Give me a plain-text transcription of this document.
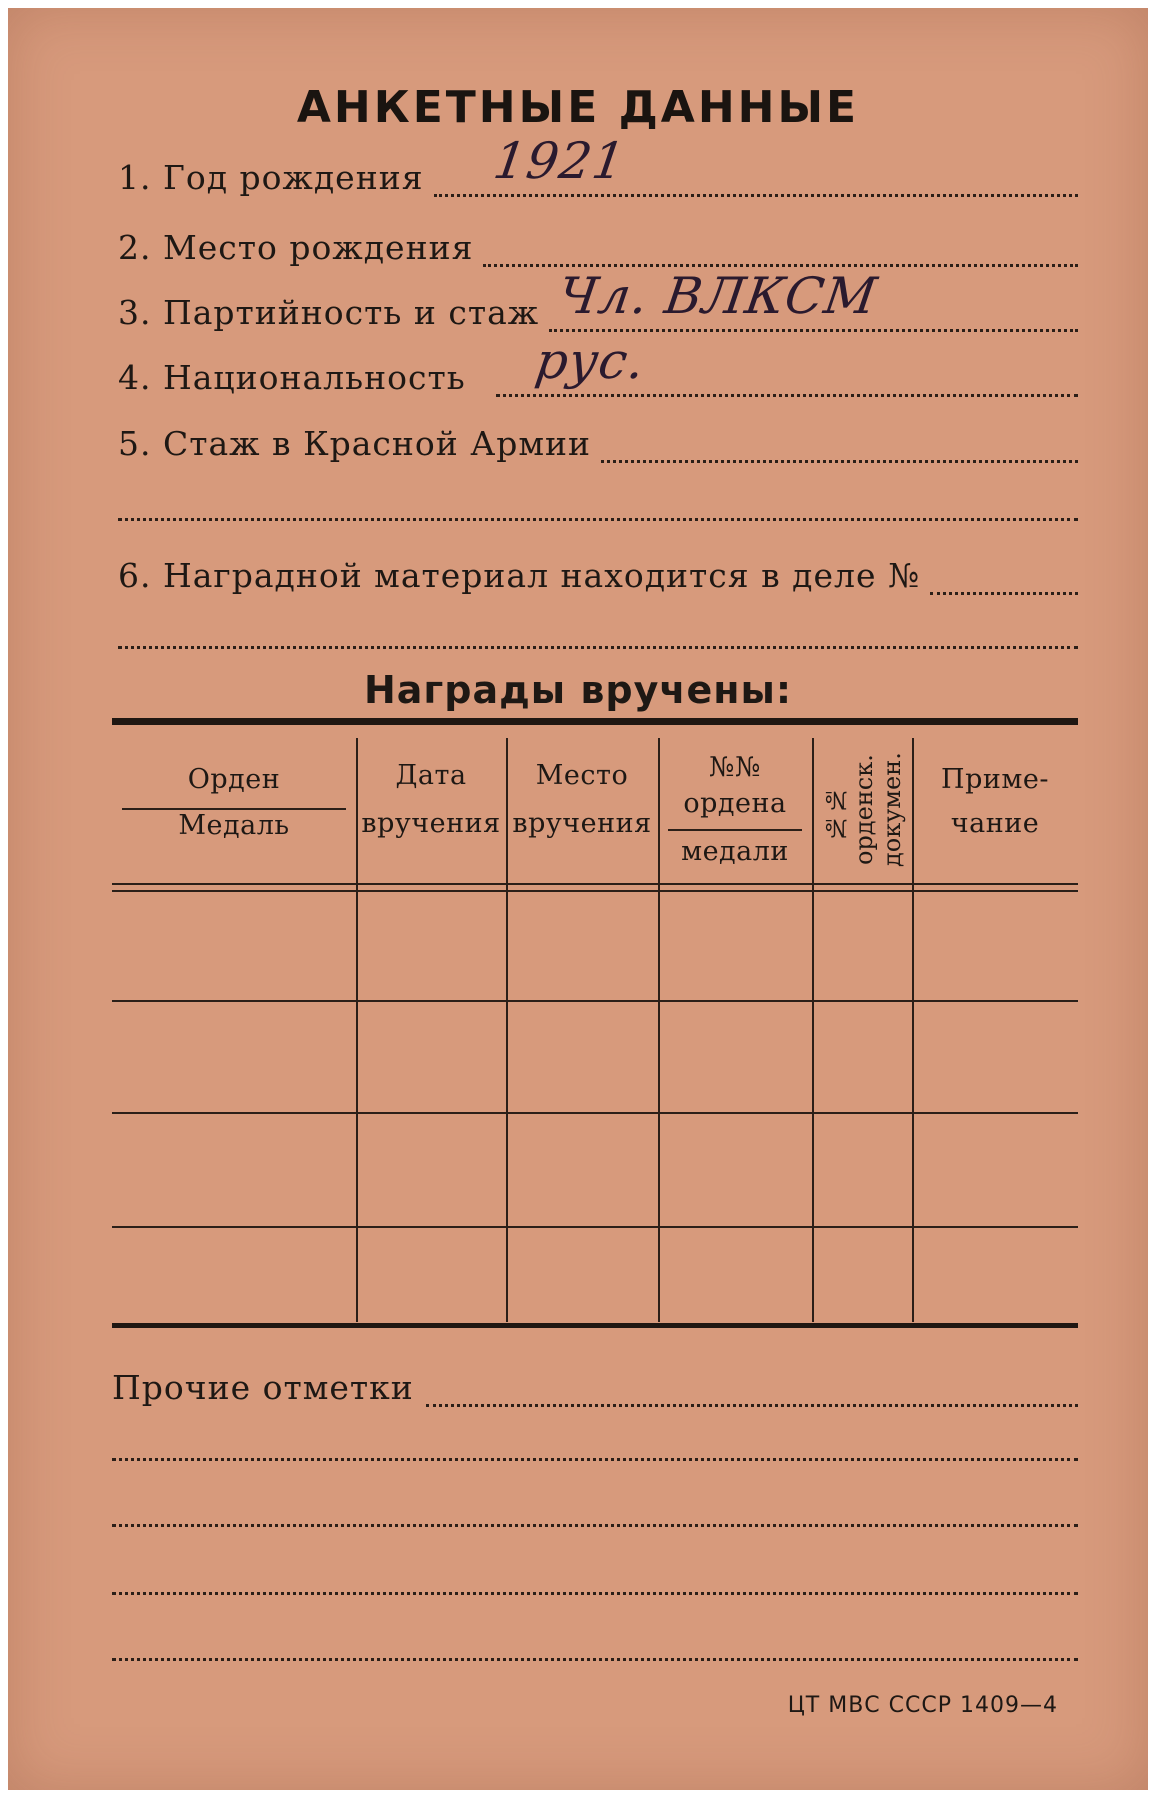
АНКЕТНЫЕ ДАННЫЕ
1. Год рождения 1921
2. Место рождения
3. Партийность и стаж Чл. ВЛКСМ
4. Национальность рус.
5. Стаж в Красной Армии
6. Наградной материал находится в деле №
Награды вручены:
Орден
Медаль
Дата
вручения
Место
вручения
№№
ордена
медали
№№ орденск. докумен.	Приме-
чание
Прочие отметки
ЦТ МВС СССР 1409—4
